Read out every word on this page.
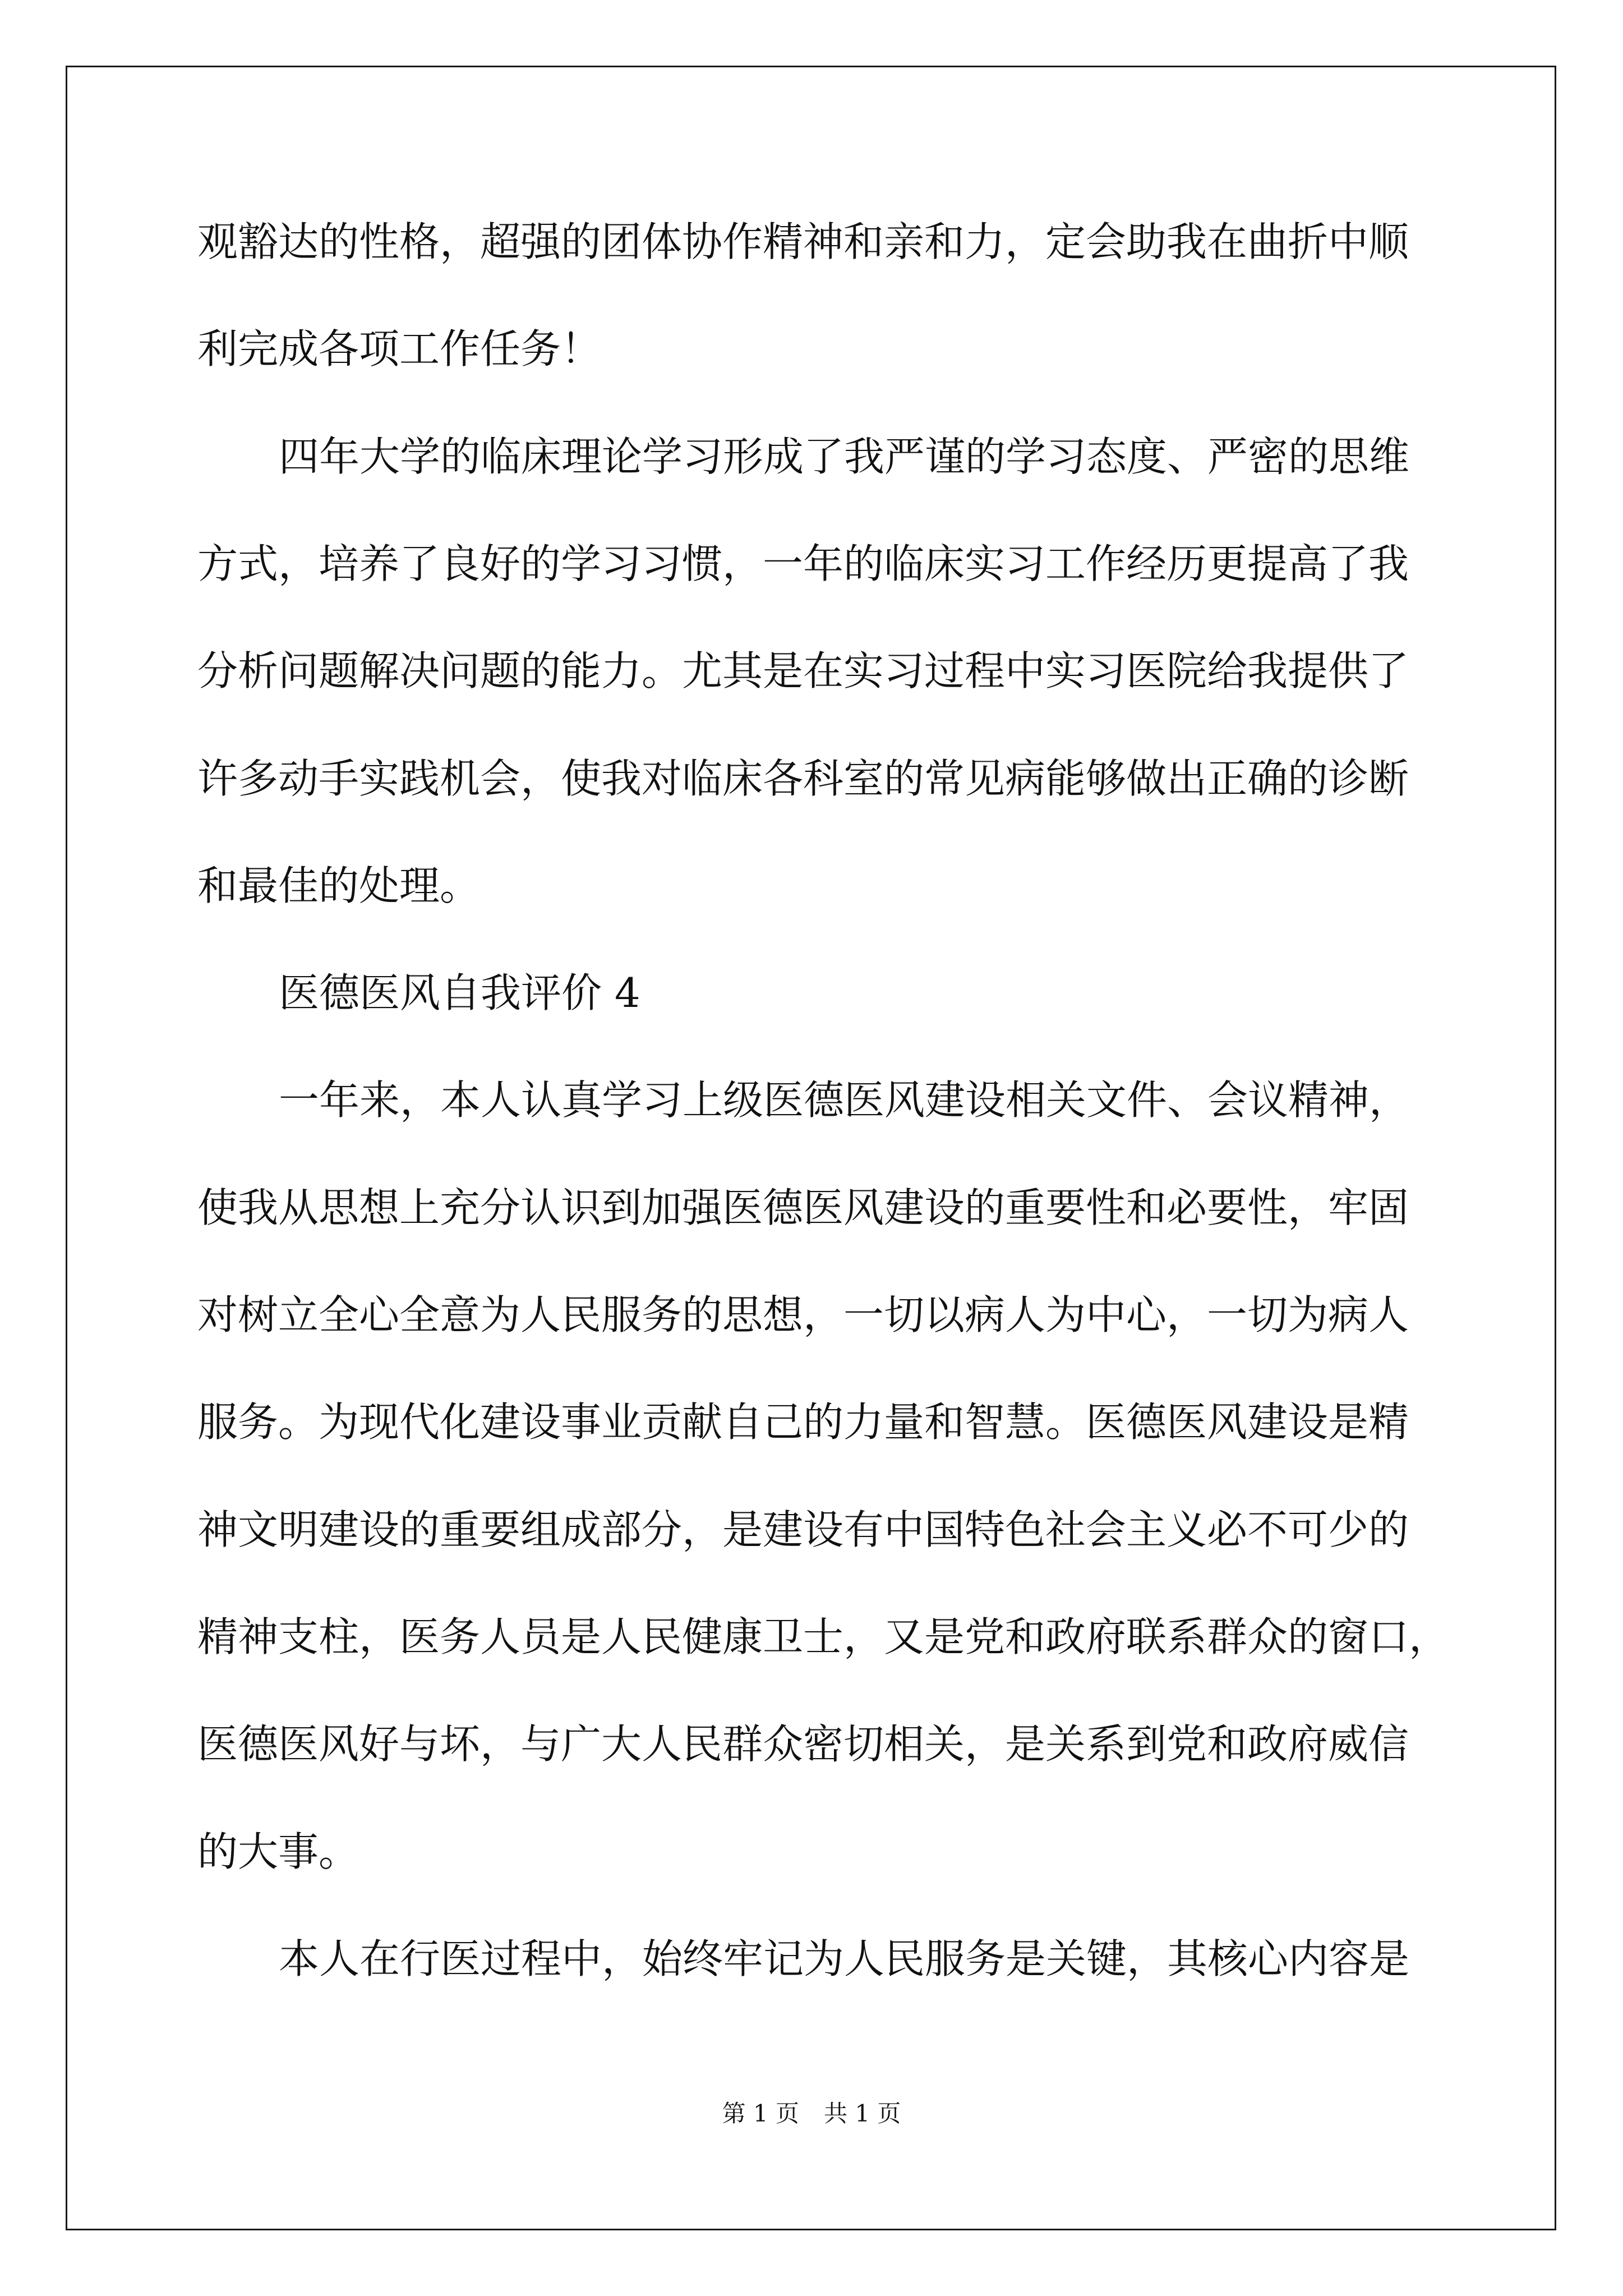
观豁达的性格，超强的团体协作精神和亲和力，定会助我在曲折中顺

利完成各项工作任务！

四年大学的临床理论学习形成了我严谨的学习态度、严密的思维

方式，培养了良好的学习习惯，一年的临床实习工作经历更提高了我

分析问题解决问题的能力。尤其是在实习过程中实习医院给我提供了

许多动手实践机会，使我对临床各科室的常见病能够做出正确的诊断

和最佳的处理。

医德医风自我评价 4

一年来，本人认真学习上级医德医风建设相关文件、会议精神，

使我从思想上充分认识到加强医德医风建设的重要性和必要性，牢固

对树立全心全意为人民服务的思想，一切以病人为中心，一切为病人

服务。为现代化建设事业贡献自己的力量和智慧。医德医风建设是精

神文明建设的重要组成部分，是建设有中国特色社会主义必不可少的

精神支柱，医务人员是人民健康卫士，又是党和政府联系群众的窗口，

医德医风好与坏，与广大人民群众密切相关，是关系到党和政府威信

的大事。

本人在行医过程中，始终牢记为人民服务是关键，其核心内容是

第 1 页 共 1 页
